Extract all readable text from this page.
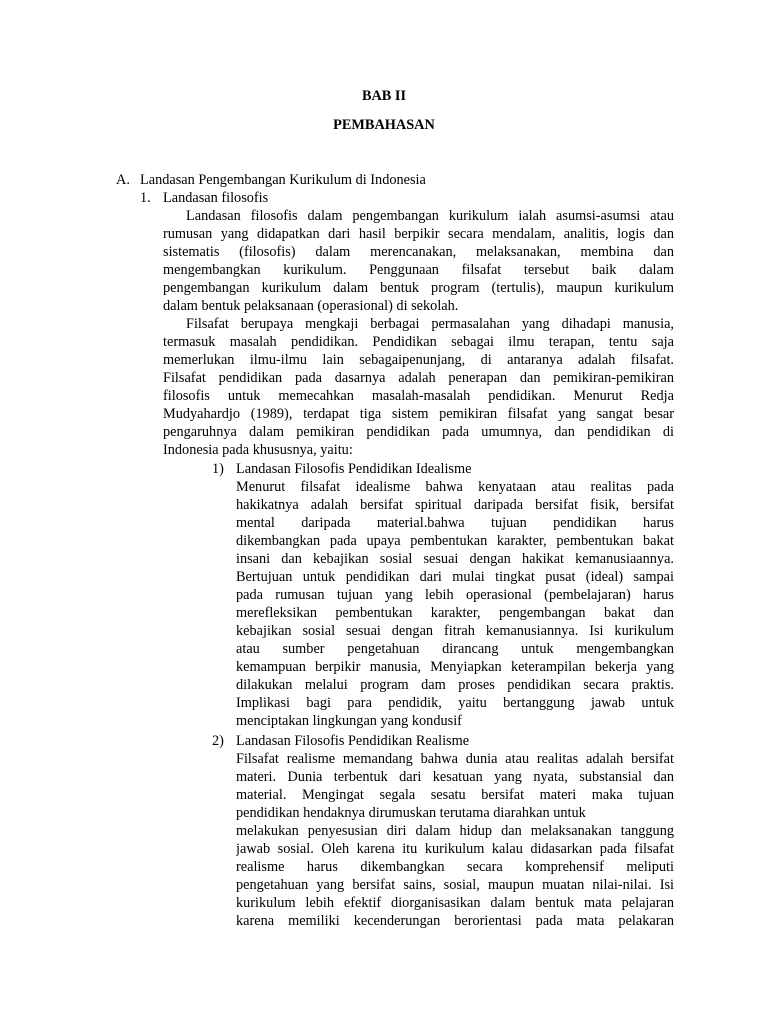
BAB II
PEMBAHASAN
A. Landasan Pengembangan Kurikulum di Indonesia
1. Landasan filosofis
Landasan filosofis dalam pengembangan kurikulum ialah asumsi-asumsi atau
rumusan yang didapatkan dari hasil berpikir secara mendalam, analitis, logis dan
sistematis (filosofis) dalam merencanakan, melaksanakan, membina dan
mengembangkan kurikulum. Penggunaan filsafat tersebut baik dalam
pengembangan kurikulum dalam bentuk program (tertulis), maupun kurikulum
dalam bentuk pelaksanaan (operasional) di sekolah.
Filsafat berupaya mengkaji berbagai permasalahan yang dihadapi manusia,
termasuk masalah pendidikan. Pendidikan sebagai ilmu terapan, tentu saja
memerlukan ilmu-ilmu lain sebagaipenunjang, di antaranya adalah filsafat.
Filsafat pendidikan pada dasarnya adalah penerapan dan pemikiran-pemikiran
filosofis untuk memecahkan masalah-masalah pendidikan. Menurut Redja
Mudyahardjo (1989), terdapat tiga sistem pemikiran filsafat yang sangat besar
pengaruhnya dalam pemikiran pendidikan pada umumnya, dan pendidikan di
Indonesia pada khususnya, yaitu:
1) Landasan Filosofis Pendidikan Idealisme
Menurut filsafat idealisme bahwa kenyataan atau realitas pada
hakikatnya adalah bersifat spiritual daripada bersifat fisik, bersifat
mental daripada material.bahwa tujuan pendidikan harus
dikembangkan pada upaya pembentukan karakter, pembentukan bakat
insani dan kebajikan sosial sesuai dengan hakikat kemanusiaannya.
Bertujuan untuk pendidikan dari mulai tingkat pusat (ideal) sampai
pada rumusan tujuan yang lebih operasional (pembelajaran) harus
merefleksikan pembentukan karakter, pengembangan bakat dan
kebajikan sosial sesuai dengan fitrah kemanusiannya. Isi kurikulum
atau sumber pengetahuan dirancang untuk mengembangkan
kemampuan berpikir manusia, Menyiapkan keterampilan bekerja yang
dilakukan melalui program dam proses pendidikan secara praktis.
Implikasi bagi para pendidik, yaitu bertanggung jawab untuk
menciptakan lingkungan yang kondusif
2) Landasan Filosofis Pendidikan Realisme
Filsafat realisme memandang bahwa dunia atau realitas adalah bersifat
materi. Dunia terbentuk dari kesatuan yang nyata, substansial dan
material. Mengingat segala sesatu bersifat materi maka tujuan
pendidikan hendaknya dirumuskan terutama diarahkan untuk
melakukan penyesusian diri dalam hidup dan melaksanakan tanggung
jawab sosial. Oleh karena itu kurikulum kalau didasarkan pada filsafat
realisme harus dikembangkan secara komprehensif meliputi
pengetahuan yang bersifat sains, sosial, maupun muatan nilai-nilai. Isi
kurikulum lebih efektif diorganisasikan dalam bentuk mata pelajaran
karena memiliki kecenderungan berorientasi pada mata pelakaran
